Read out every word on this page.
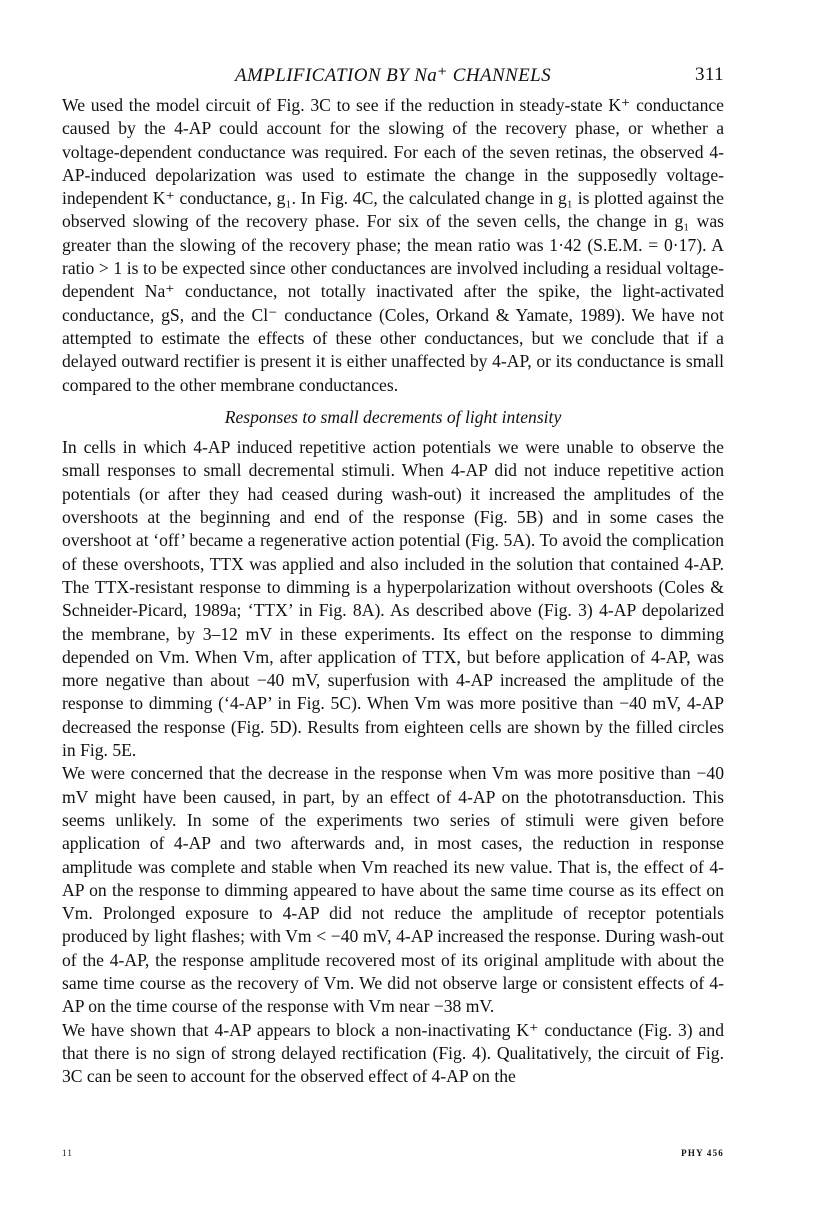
AMPLIFICATION BY Na⁺ CHANNELS	311

We used the model circuit of Fig. 3C to see if the reduction in steady-state K⁺ conductance caused by the 4-AP could account for the slowing of the recovery phase, or whether a voltage-dependent conductance was required. For each of the seven retinas, the observed 4-AP-induced depolarization was used to estimate the change in the supposedly voltage-independent K⁺ conductance, g₁. In Fig. 4C, the calculated change in g₁ is plotted against the observed slowing of the recovery phase. For six of the seven cells, the change in g₁ was greater than the slowing of the recovery phase; the mean ratio was 1·42 (S.E.M. = 0·17). A ratio > 1 is to be expected since other conductances are involved including a residual voltage-dependent Na⁺ conductance, not totally inactivated after the spike, the light-activated conductance, gS, and the Cl⁻ conductance (Coles, Orkand & Yamate, 1989). We have not attempted to estimate the effects of these other conductances, but we conclude that if a delayed outward rectifier is present it is either unaffected by 4-AP, or its conductance is small compared to the other membrane conductances.

Responses to small decrements of light intensity

In cells in which 4-AP induced repetitive action potentials we were unable to observe the small responses to small decremental stimuli. When 4-AP did not induce repetitive action potentials (or after they had ceased during wash-out) it increased the amplitudes of the overshoots at the beginning and end of the response (Fig. 5B) and in some cases the overshoot at ‘off’ became a regenerative action potential (Fig. 5A). To avoid the complication of these overshoots, TTX was applied and also included in the solution that contained 4-AP. The TTX-resistant response to dimming is a hyperpolarization without overshoots (Coles & Schneider-Picard, 1989a; ‘TTX’ in Fig. 8A). As described above (Fig. 3) 4-AP depolarized the membrane, by 3–12 mV in these experiments. Its effect on the response to dimming depended on Vm. When Vm, after application of TTX, but before application of 4-AP, was more negative than about −40 mV, superfusion with 4-AP increased the amplitude of the response to dimming (‘4-AP’ in Fig. 5C). When Vm was more positive than −40 mV, 4-AP decreased the response (Fig. 5D). Results from eighteen cells are shown by the filled circles in Fig. 5E.

We were concerned that the decrease in the response when Vm was more positive than −40 mV might have been caused, in part, by an effect of 4-AP on the phototransduction. This seems unlikely. In some of the experiments two series of stimuli were given before application of 4-AP and two afterwards and, in most cases, the reduction in response amplitude was complete and stable when Vm reached its new value. That is, the effect of 4-AP on the response to dimming appeared to have about the same time course as its effect on Vm. Prolonged exposure to 4-AP did not reduce the amplitude of receptor potentials produced by light flashes; with Vm < −40 mV, 4-AP increased the response. During wash-out of the 4-AP, the response amplitude recovered most of its original amplitude with about the same time course as the recovery of Vm. We did not observe large or consistent effects of 4-AP on the time course of the response with Vm near −38 mV.

We have shown that 4-AP appears to block a non-inactivating K⁺ conductance (Fig. 3) and that there is no sign of strong delayed rectification (Fig. 4). Qualitatively, the circuit of Fig. 3C can be seen to account for the observed effect of 4-AP on the

11	PHY 456
